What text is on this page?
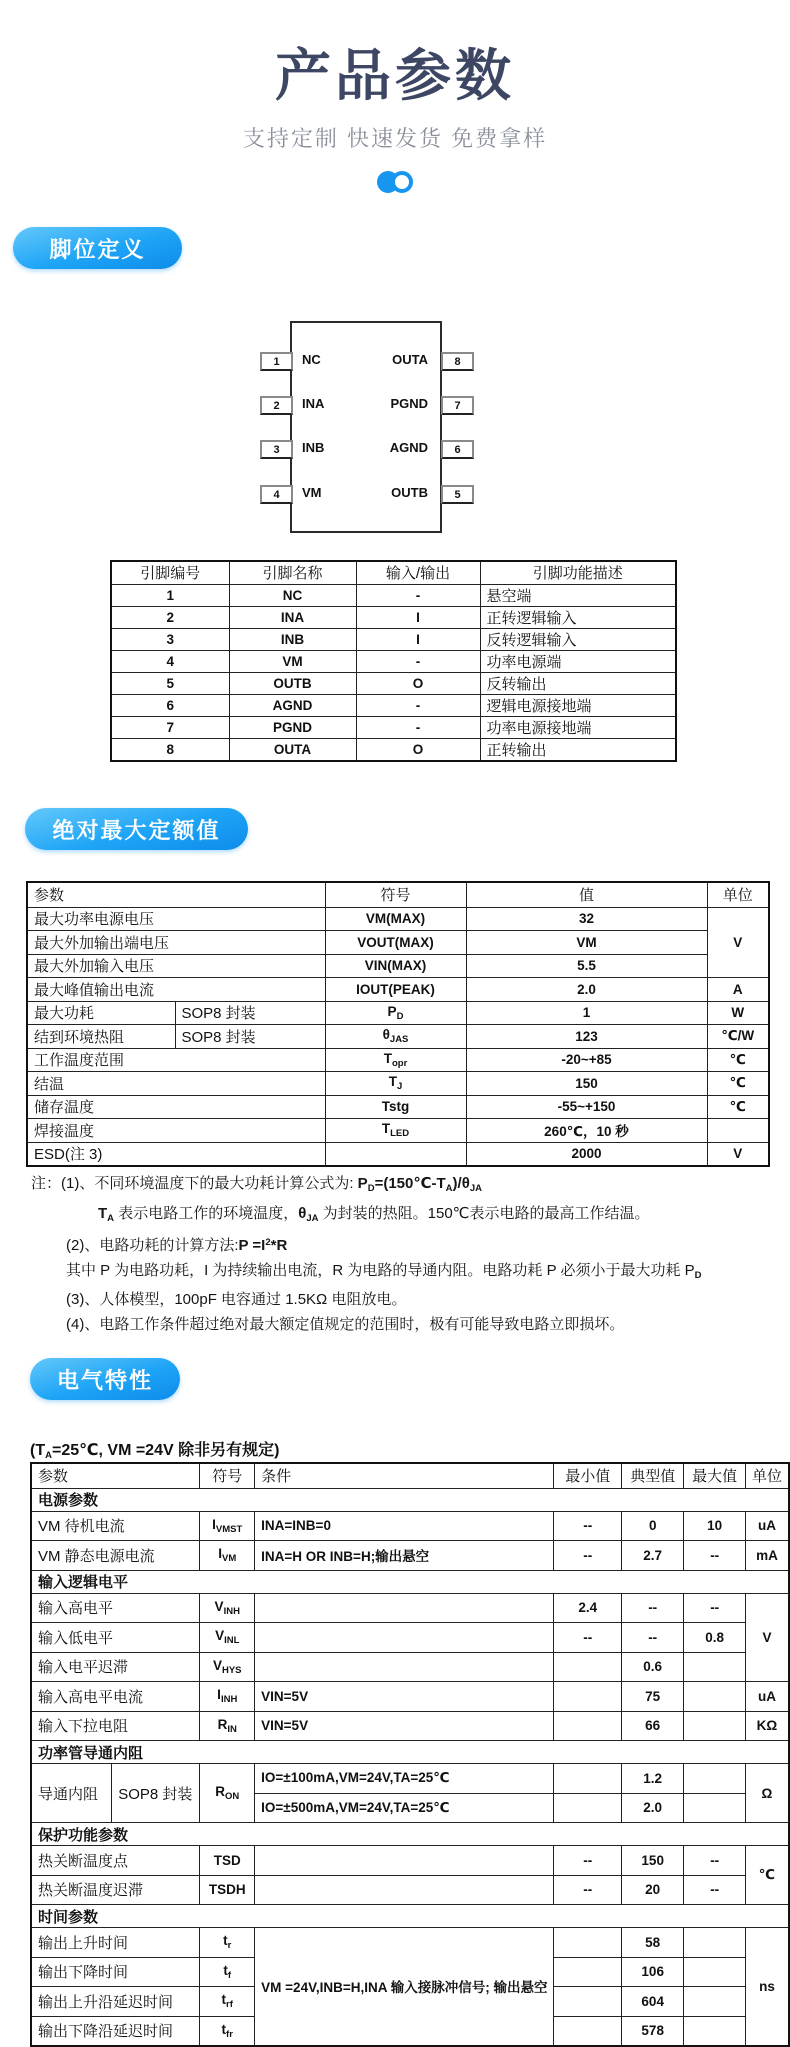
产品参数
支持定制 快速发货 免费拿样
脚位定义
1	NC
2	INA
3	INB
4	VM
8
OUTA
7
PGND
6
AGND
5
OUTB
引脚编号	引脚名称	输入/输出	引脚功能描述
1	NC	-	悬空端
2	INA	I	正转逻辑输入
3	INB	I	反转逻辑输入
4	VM	-	功率电源端
5	OUTB	O	反转输出
6	AGND	-	逻辑电源接地端
7	PGND	-	功率电源接地端
8	OUTA	O	正转输出
绝对最大定额值
参数		符号	值	单位
最大功率电源电压		VM(MAX)	32	V
最大外加输出端电压		VOUT(MAX)	VM	
最大外加输入电压		VIN(MAX)	5.5	
最大峰值输出电流		IOUT(PEAK)	2.0	A
最大功耗	SOP8 封装	$P_D$	1	W
结到环境热阻	SOP8 封装	$\theta_{JAS}$	123	℃/W
工作温度范围		$T_{opr}$	-20~+85	℃
结温		$T_J$	150	℃
储存温度		Tstg	-55~+150	℃
焊接温度		$T_{LED}$	260℃，10 秒	
ESD(注 3)			2000	V
注：(1)、不同环境温度下的最大功耗计算公式为: $P_D=(150℃-T_A)/\theta_{JA}$
$T_A$ 表示电路工作的环境温度，$\theta_{JA}$ 为封装的热阻。150℃表示电路的最高工作结温。
(2)、电路功耗的计算方法:P $=I^2*R$
其中 P 为电路功耗，I 为持续输出电流，R 为电路的导通内阻。电路功耗 P 必须小于最大功耗 $P_D$
(3)、人体模型，100pF 电容通过 1.5KΩ 电阻放电。
(4)、电路工作条件超过绝对最大额定值规定的范围时，极有可能导致电路立即损坏。
电气特性
(TA=25℃, VM =24V 除非另有规定)
参数		符号	条件	最小值	典型值	最大值	单位
电源参数							
VM 待机电流		$I_{VMST}$	INA=INB=0	--	0	10	uA
VM 静态电源电流		$I_{VM}$	INA=H OR INB=H;输出悬空	--	2.7	--	mA
输入逻辑电平							
输入高电平		$V_{INH}$		2.4	--	--	V
输入低电平		$V_{INL}$		--	--	0.8	
输入电平迟滞		$V_{HYS}$			0.6		
输入高电平电流		$I_{INH}$	VIN=5V		75		uA
输入下拉电阻		$R_{IN}$	VIN=5V		66		KΩ
功率管导通内阻							
导通内阻	SOP8 封装	$R_{ON}$	IO=±100mA,VM=24V,TA=25℃		1.2		Ω
			IO=±500mA,VM=24V,TA=25℃		2.0		
保护功能参数							
热关断温度点		TSD		--	150	--	℃
热关断温度迟滞		TSDH		--	20	--	
时间参数							
输出上升时间		$t_r$	VM =24V,INB=H,INA 输入接脉冲信号; 输出悬空		58		ns
输出下降时间		$t_f$			106		
输出上升沿延迟时间		$t_{rf}$			604		
输出下降沿延迟时间		$t_{fr}$			578		
